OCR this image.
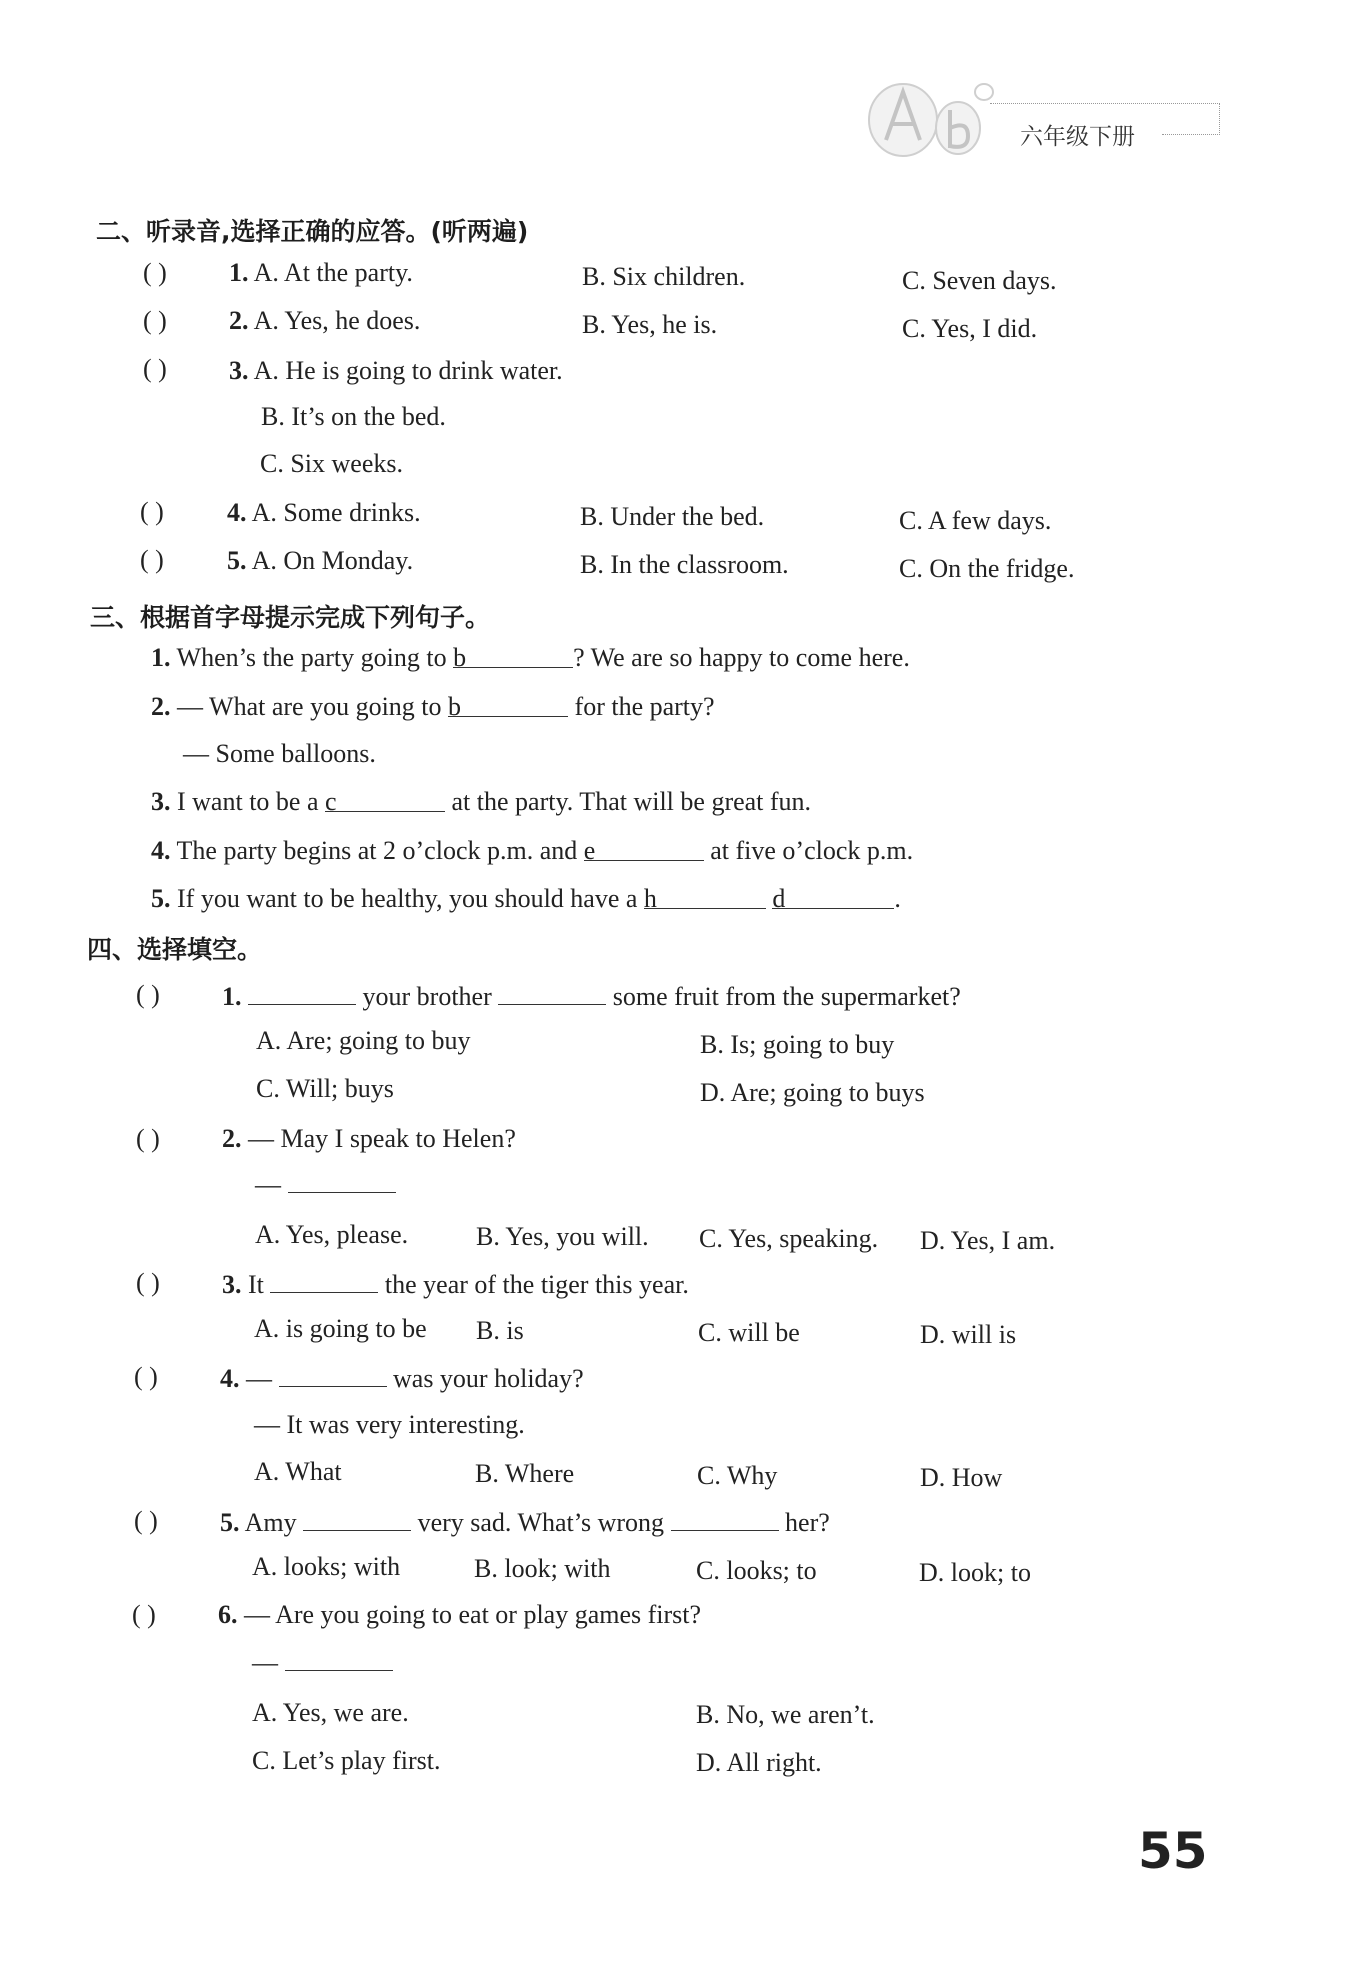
六年级下册
二、听录音,选择正确的应答。(听两遍)
( ) 1. A. At the party.	B. Six children.	C. Seven days.
( ) 2. A. Yes, he does.	B. Yes, he is.	C. Yes, I did.
( ) 3. A. He is going to drink water.
B. It’s on the bed.
C. Six weeks.
( ) 4. A. Some drinks.	B. Under the bed.	C. A few days.
( ) 5. A. On Monday.	B. In the classroom.	C. On the fridge.
三、根据首字母提示完成下列句子。
1. When’s the party going to b	? We are so happy to come here.
2. — What are you going to b	for the party?
— Some balloons.
3. I want to be a c	at the party. That will be great fun.
4. The party begins at 2 o’clock p.m. and e	at five o’clock p.m.
5. If you want to be healthy, you should have a h	d	.
四、选择填空。
( ) 1.	your brother	some fruit from the supermarket?
A. Are; going to buy	B. Is; going to buy
C. Will; buys	D. Are; going to buys
( ) 2. — May I speak to Helen?
—
A. Yes, please.	B. Yes, you will. C. Yes, speaking. D. Yes, I am.
( ) 3. It	the year of the tiger this year.
A. is going to be B. is	C. will be	D. will is
( ) 4. —	was your holiday?
— It was very interesting.
A. What	B. Where	C. Why	D. How
( ) 5. Amy	very sad. What’s wrong	her?
A. looks; with	B. look; with	C. looks; to	D. look; to
( ) 6. — Are you going to eat or play games first?
—
A. Yes, we are.	B. No, we aren’t.
C. Let’s play first.	D. All right.
55
